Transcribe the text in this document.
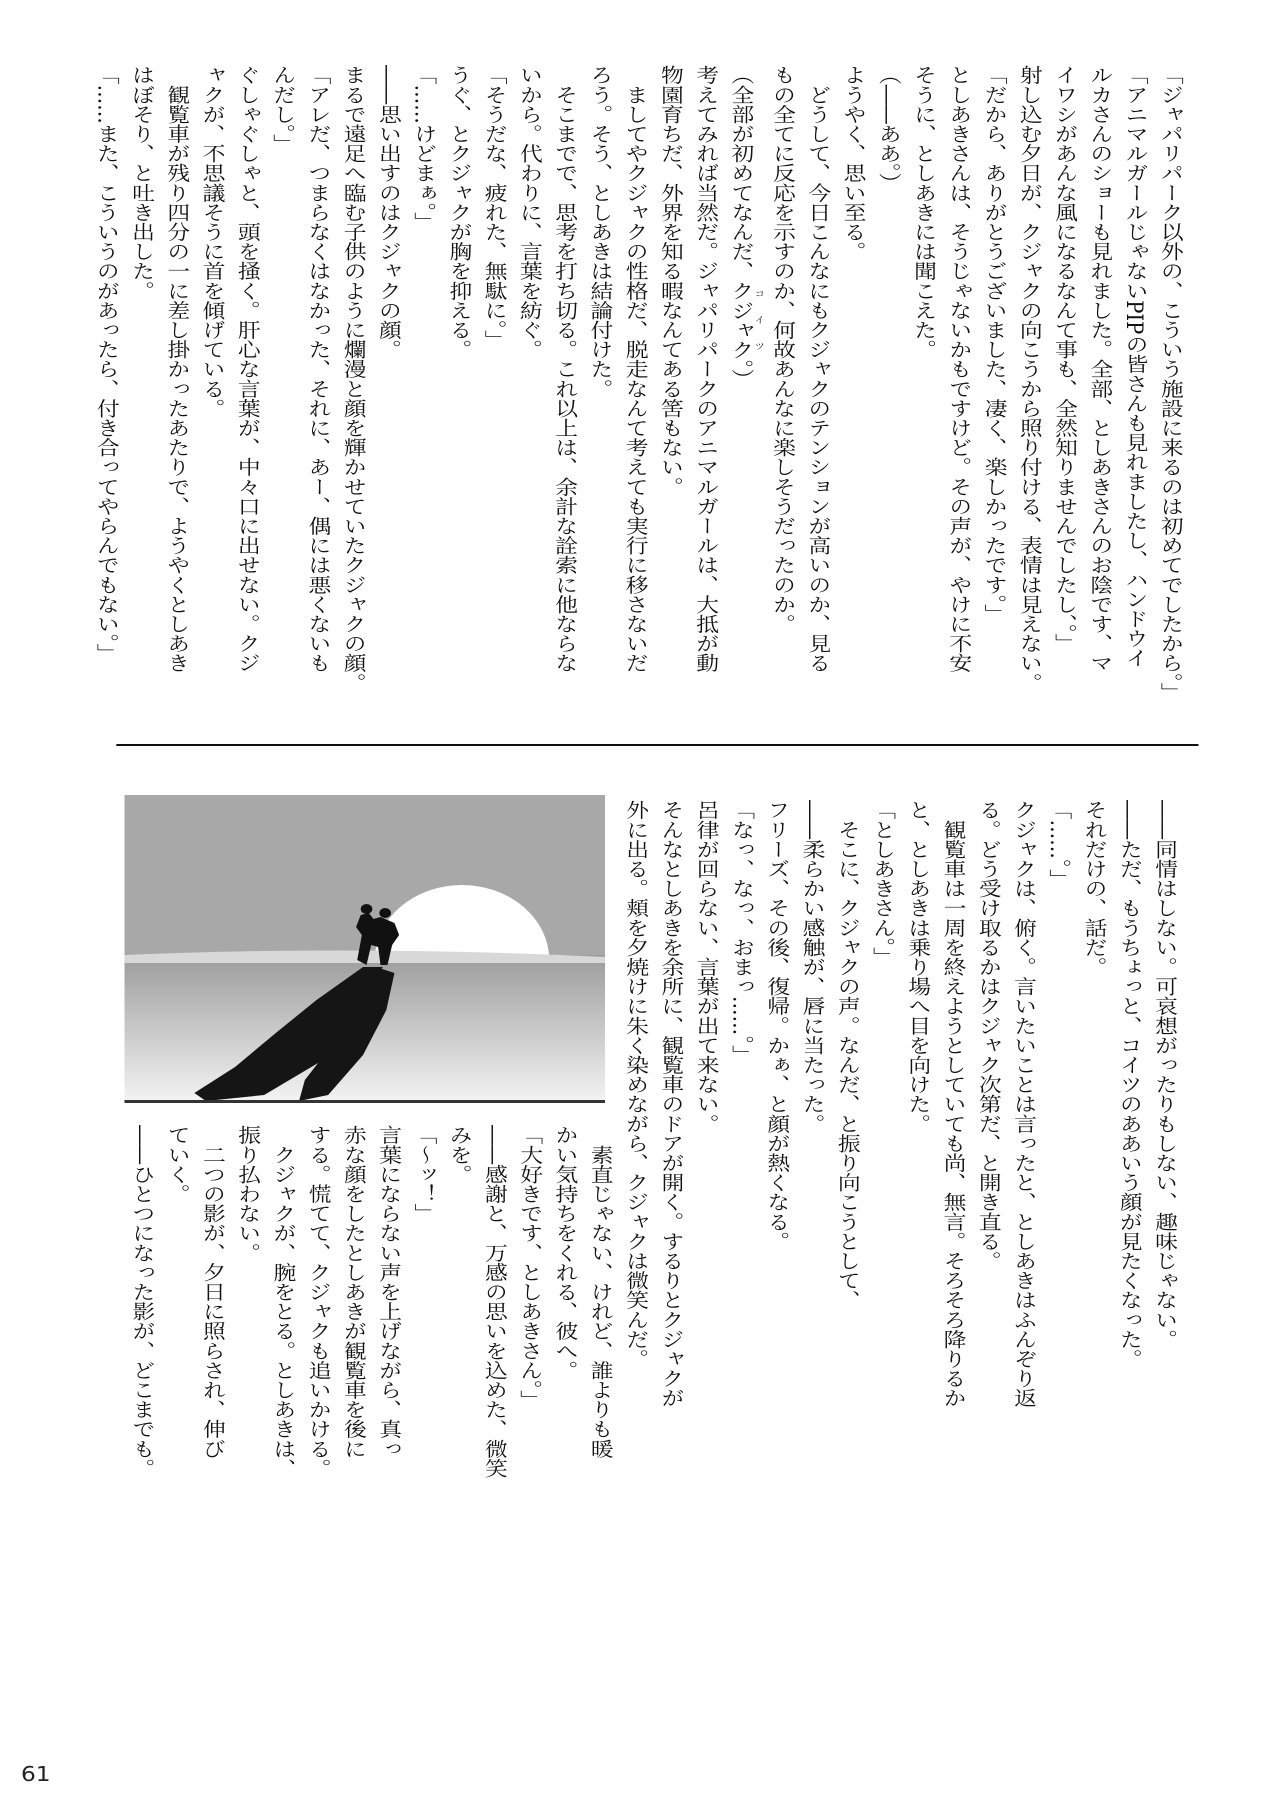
「ジャパリパーク以外の、こういう施設に来るのは初めてでしたから。」
「アニマルガールじゃないPIPの皆さんも見れましたし、ハンドウイ
ルカさんのショーも見れました。全部、としあきさんのお陰です、マ
イワシがあんな風になるなんて事も、全然知りませんでしたし、。」
射し込む夕日が、クジャクの向こうから照り付ける、表情は見えない。
「だから、ありがとうございました、凄く、楽しかったです。」
としあきさんは、そうじゃないかもですけど。その声が、やけに不安
そうに、としあきには聞こえた。
（――ああ。）
ようやく、思い至る。
　どうして、今日こんなにもクジャクのテンションが高いのか、見る
もの全てに反応を示すのか、何故あんなに楽しそうだったのか。
（全部が初めてなんだ、クジャクコイツ。）
考えてみれば当然だ。ジャパリパークのアニマルガールは、大抵が動
物園育ちだ、外界を知る暇なんてある筈もない。
　ましてやクジャクの性格だ、脱走なんて考えても実行に移さないだ
ろう。そう、としあきは結論付けた。
　そこまでで、思考を打ち切る。これ以上は、余計な詮索に他ならな
いから。代わりに、言葉を紡ぐ。
「そうだな、疲れた、無駄に。」
うぐ、とクジャクが胸を抑える。
「……けどまぁ。」
――思い出すのはクジャクの顔。
まるで遠足へ臨む子供のように爛漫と顔を輝かせていたクジャクの顔。
「アレだ、つまらなくはなかった、それに、あー、偶には悪くないも
んだし。」
ぐしゃぐしゃと、頭を掻く。肝心な言葉が、中々口に出せない。クジ
ャクが、不思議そうに首を傾げている。
　観覧車が残り四分の一に差し掛かったあたりで、ようやくとしあき
はぼそり、と吐き出した。
「……また、こういうのがあったら、付き合ってやらんでもない。」
――同情はしない。可哀想がったりもしない、趣味じゃない。
――ただ、もうちょっと、コイツのああいう顔が見たくなった。
それだけの、話だ。
「……。」
クジャクは、俯く。言いたいことは言ったと、としあきはふんぞり返
る。どう受け取るかはクジャク次第だ、と開き直る。
　観覧車は一周を終えようとしていても尚、無言。そろそろ降りるか
と、としあきは乗り場へ目を向けた。
「としあきさん。」
　そこに、クジャクの声。なんだ、と振り向こうとして、
――柔らかい感触が、唇に当たった。
フリーズ、その後、復帰。かぁ、と顔が熱くなる。
「なっ、なっ、おまっ……。」
呂律が回らない、言葉が出て来ない。
そんなとしあきを余所に、観覧車のドアが開く。するりとクジャクが
外に出る。頬を夕焼けに朱く染めながら、クジャクは微笑んだ。
　素直じゃない、けれど、誰よりも暖
かい気持ちをくれる、彼へ。
「大好きです、としあきさん。」
――感謝と、万感の思いを込めた、微笑
みを。
「～ッ！」
言葉にならない声を上げながら、真っ
赤な顔をしたとしあきが観覧車を後に
する。慌てて、クジャクも追いかける。
　クジャクが、腕をとる。としあきは、
振り払わない。
　二つの影が、夕日に照らされ、伸び
ていく。
――ひとつになった影が、どこまでも。
61
